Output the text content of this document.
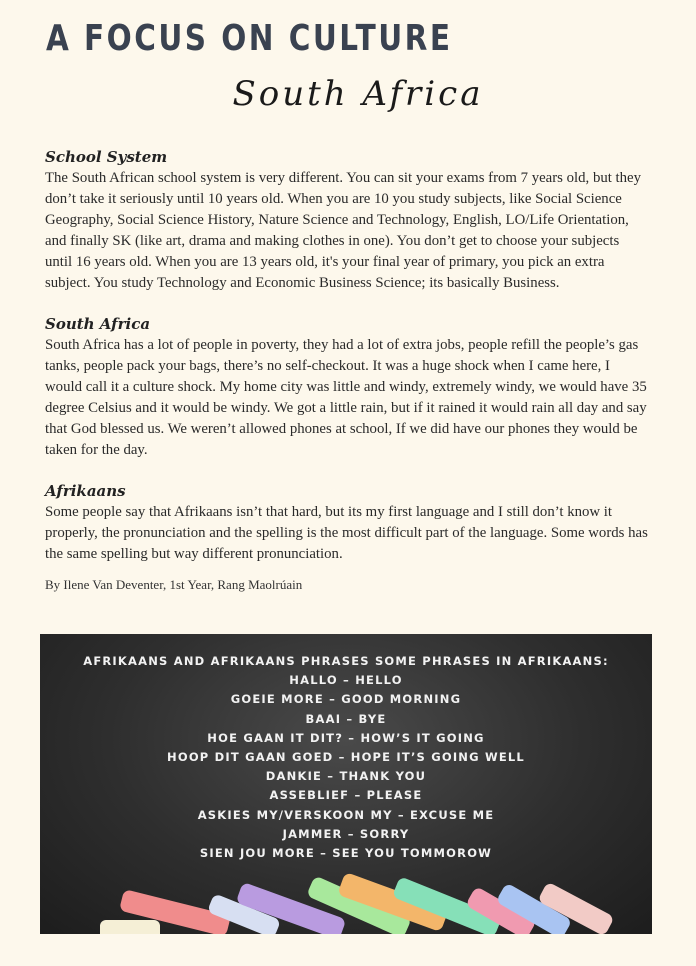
A FOCUS ON CULTURE
South Africa
School System

The South African school system is very different. You can sit your exams from 7 years old, but they don’t take it seriously until 10 years old. When you are 10 you study subjects, like Social Science Geography, Social Science History, Nature Science and Technology, English, LO/Life Orientation, and finally SK (like art, drama and making clothes in one). You don’t get to choose your subjects until 16 years old. When you are 13 years old, it's your final year of primary, you pick an extra subject. You study Technology and Economic Business Science; its basically Business.

South Africa

South Africa has a lot of people in poverty, they had a lot of extra jobs, people refill the people’s gas tanks, people pack your bags, there’s no self-checkout. It was a huge shock when I came here, I would call it a culture shock. My home city was little and windy, extremely windy, we would have 35 degree Celsius and it would be windy. We got a little rain, but if it rained it would rain all day and say that God blessed us. We weren’t allowed phones at school, If we did have our phones they would be taken for the day.

Afrikaans

Some people say that Afrikaans isn’t that hard, but its my first language and I still don’t know it properly, the pronunciation and the spelling is the most difficult part of the language. Some words has the same spelling but way different pronunciation.

By Ilene Van Deventer, 1st Year, Rang Maolrúain
AFRIKAANS AND AFRIKAANS PHRASES SOME PHRASES IN AFRIKAANS:
HALLO – HELLO
GOEIE MORE – GOOD MORNING
BAAI – BYE
HOE GAAN IT DIT? – HOW’S IT GOING
HOOP DIT GAAN GOED – HOPE IT’S GOING WELL
DANKIE – THANK YOU
ASSEBLIEF – PLEASE
ASKIES MY/VERSKOON MY – EXCUSE ME
JAMMER – SORRY
SIEN JOU MORE – SEE YOU TOMMOROW
